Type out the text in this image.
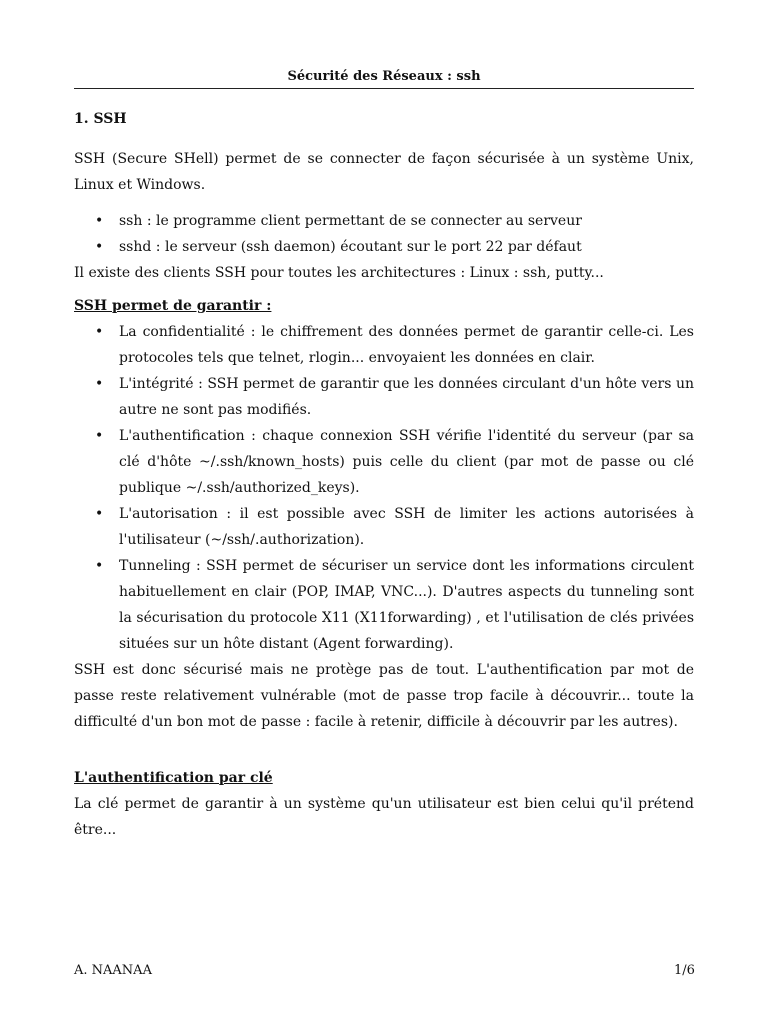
Sécurité des Réseaux : ssh
1. SSH

SSH (Secure SHell) permet de se connecter de façon sécurisée à un système Unix, Linux et Windows.

• ssh : le programme client permettant de se connecter au serveur
• sshd : le serveur (ssh daemon) écoutant sur le port 22 par défaut

Il existe des clients SSH pour toutes les architectures : Linux : ssh, putty...

SSH permet de garantir :
• La confidentialité : le chiffrement des données permet de garantir celle-ci. Les protocoles tels que telnet, rlogin... envoyaient les données en clair.
• L'intégrité : SSH permet de garantir que les données circulant d'un hôte vers un autre ne sont pas modifiés.
• L'authentification : chaque connexion SSH vérifie l'identité du serveur (par sa clé d'hôte ~/.ssh/known_hosts) puis celle du client (par mot de passe ou clé publique ~/.ssh/authorized_keys).
• L'autorisation : il est possible avec SSH de limiter les actions autorisées à l'utilisateur (~/ssh/.authorization).
• Tunneling : SSH permet de sécuriser un service dont les informations circulent habituellement en clair (POP, IMAP, VNC...). D'autres aspects du tunneling sont la sécurisation du protocole X11 (X11forwarding) , et l'utilisation de clés privées situées sur un hôte distant (Agent forwarding).

SSH est donc sécurisé mais ne protège pas de tout. L'authentification par mot de passe reste relativement vulnérable (mot de passe trop facile à découvrir... toute la difficulté d'un bon mot de passe : facile à retenir, difficile à découvrir par les autres).

L'authentification par clé

La clé permet de garantir à un système qu'un utilisateur est bien celui qu'il prétend être...

A. NAANAA	1/6
